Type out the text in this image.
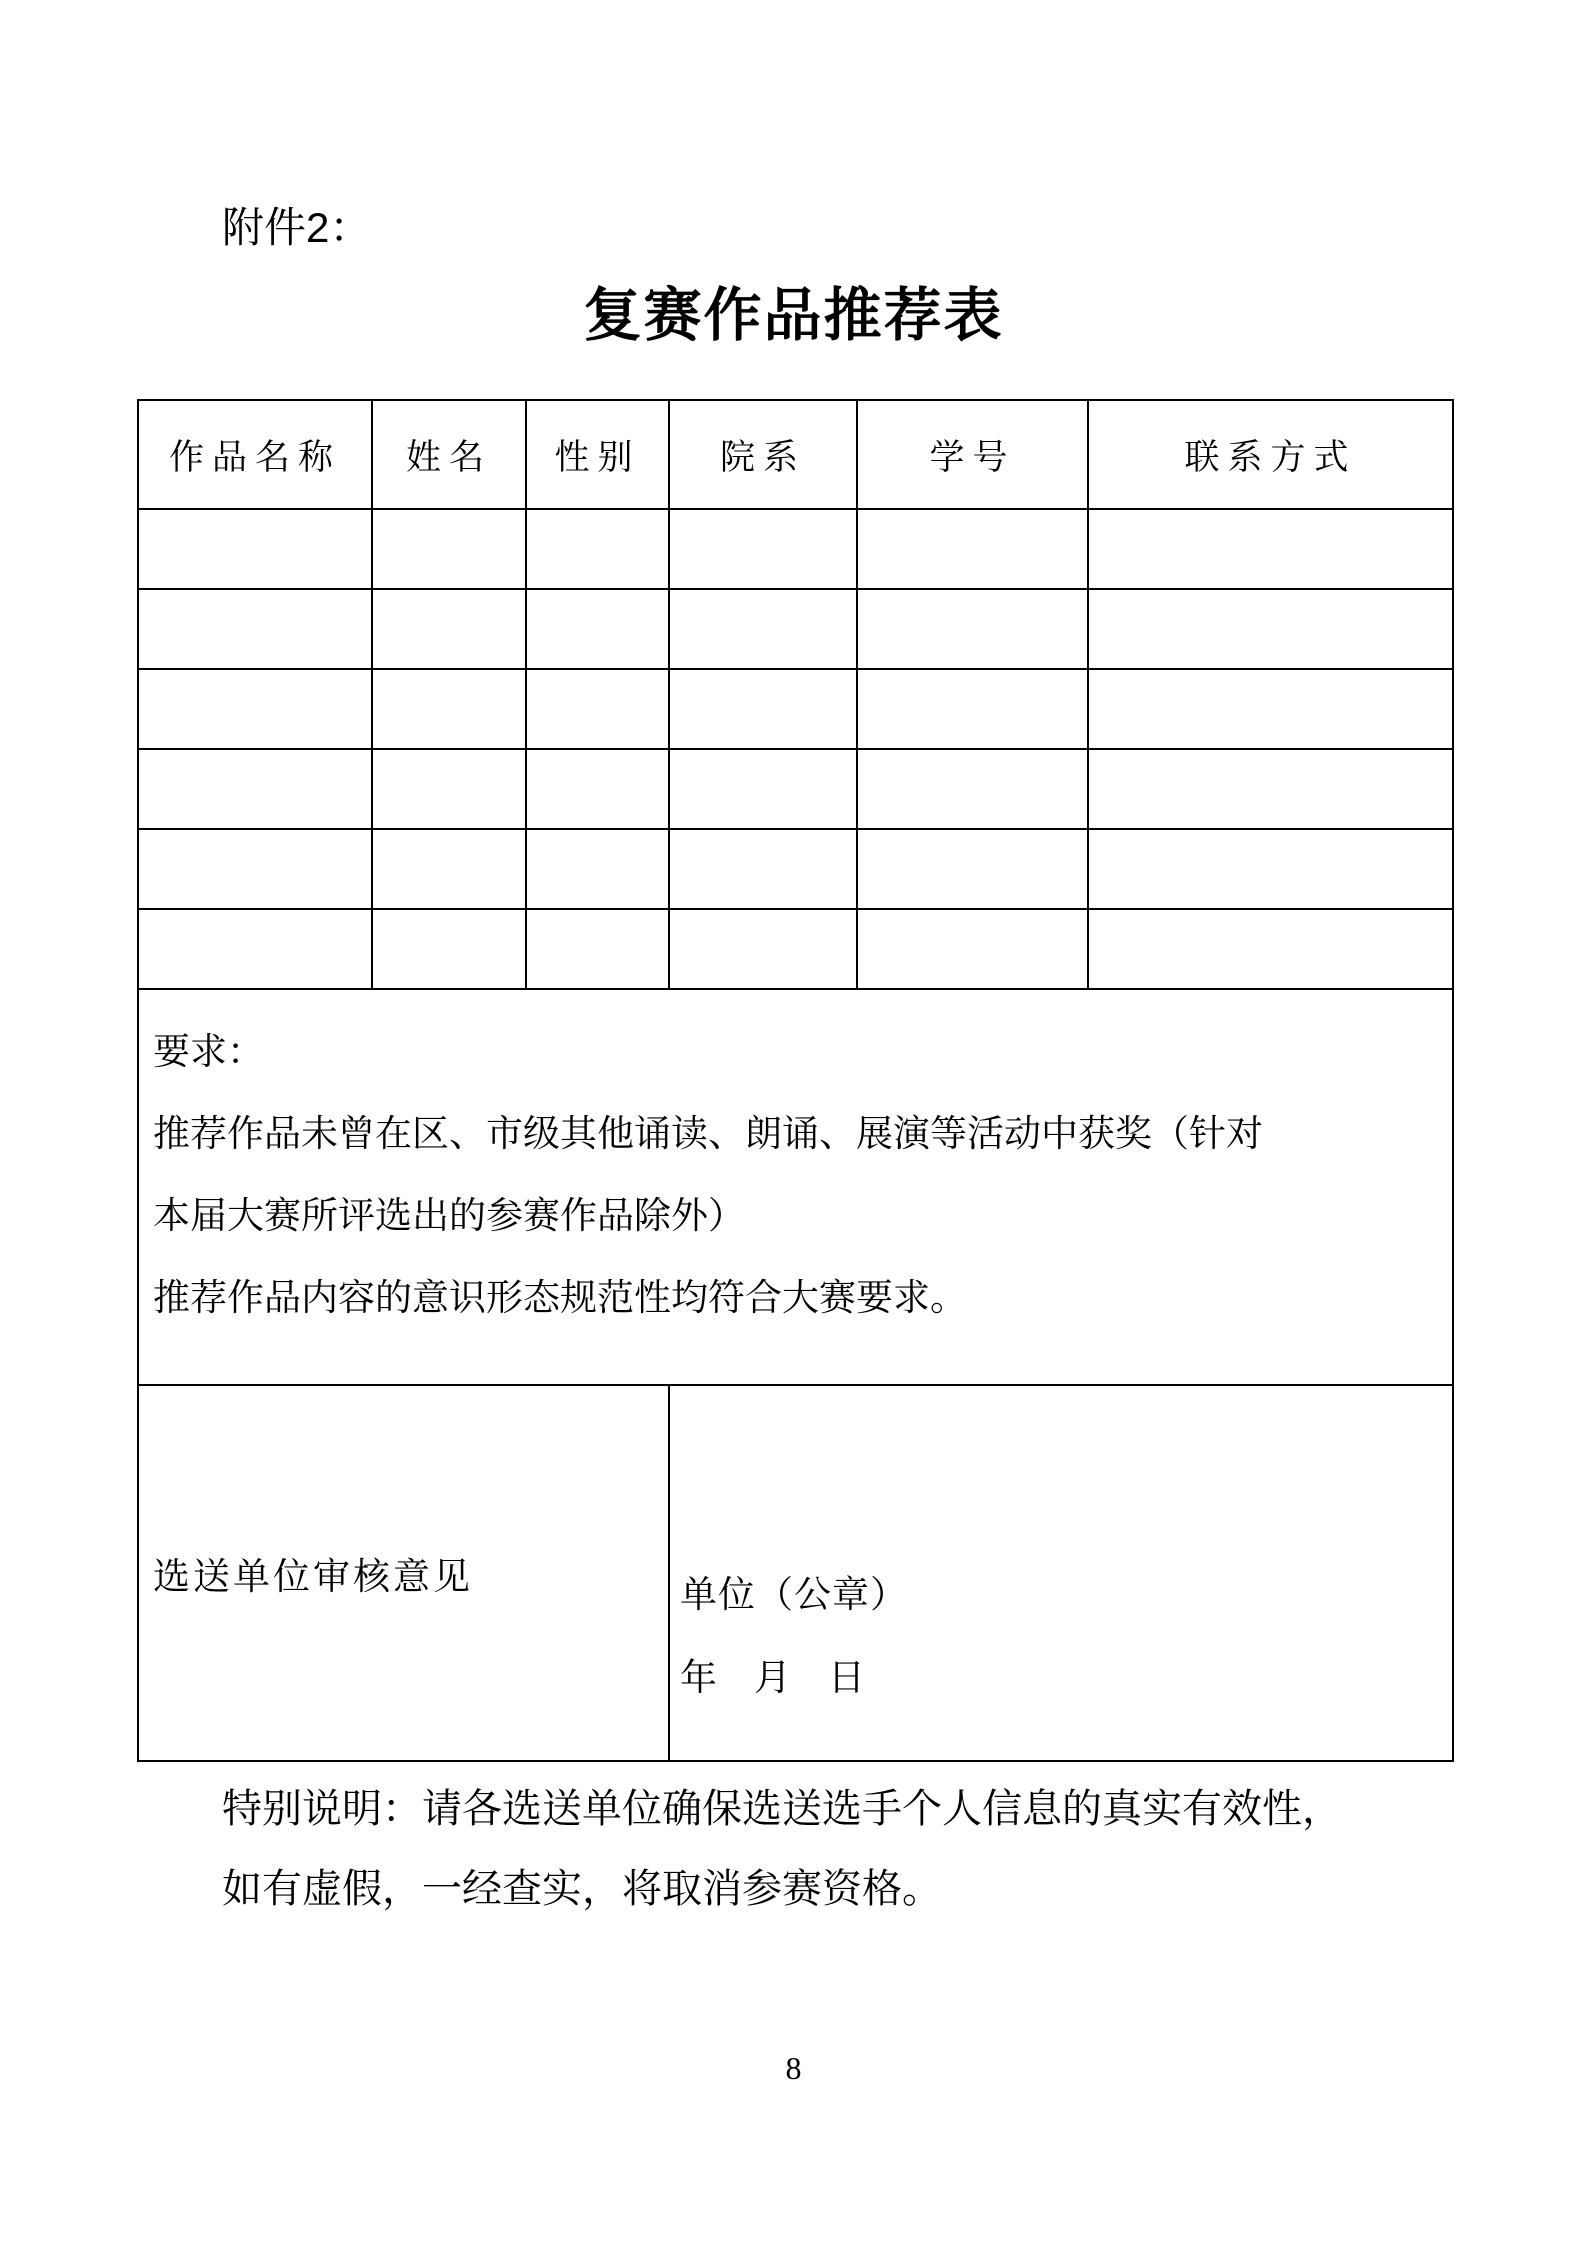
附件2：
复赛作品推荐表
作品名称	姓名	性别	院系	学号	联系方式

要求：
推荐作品未曾在区、市级其他诵读、朗诵、展演等活动中获奖（针对
本届大赛所评选出的参赛作品除外）
推荐作品内容的意识形态规范性均符合大赛要求。					

选送单位审核意见			单位（公章）
年　月　日		
特别说明：请各选送单位确保选送选手个人信息的真实有效性，
如有虚假，一经查实，将取消参赛资格。
8
